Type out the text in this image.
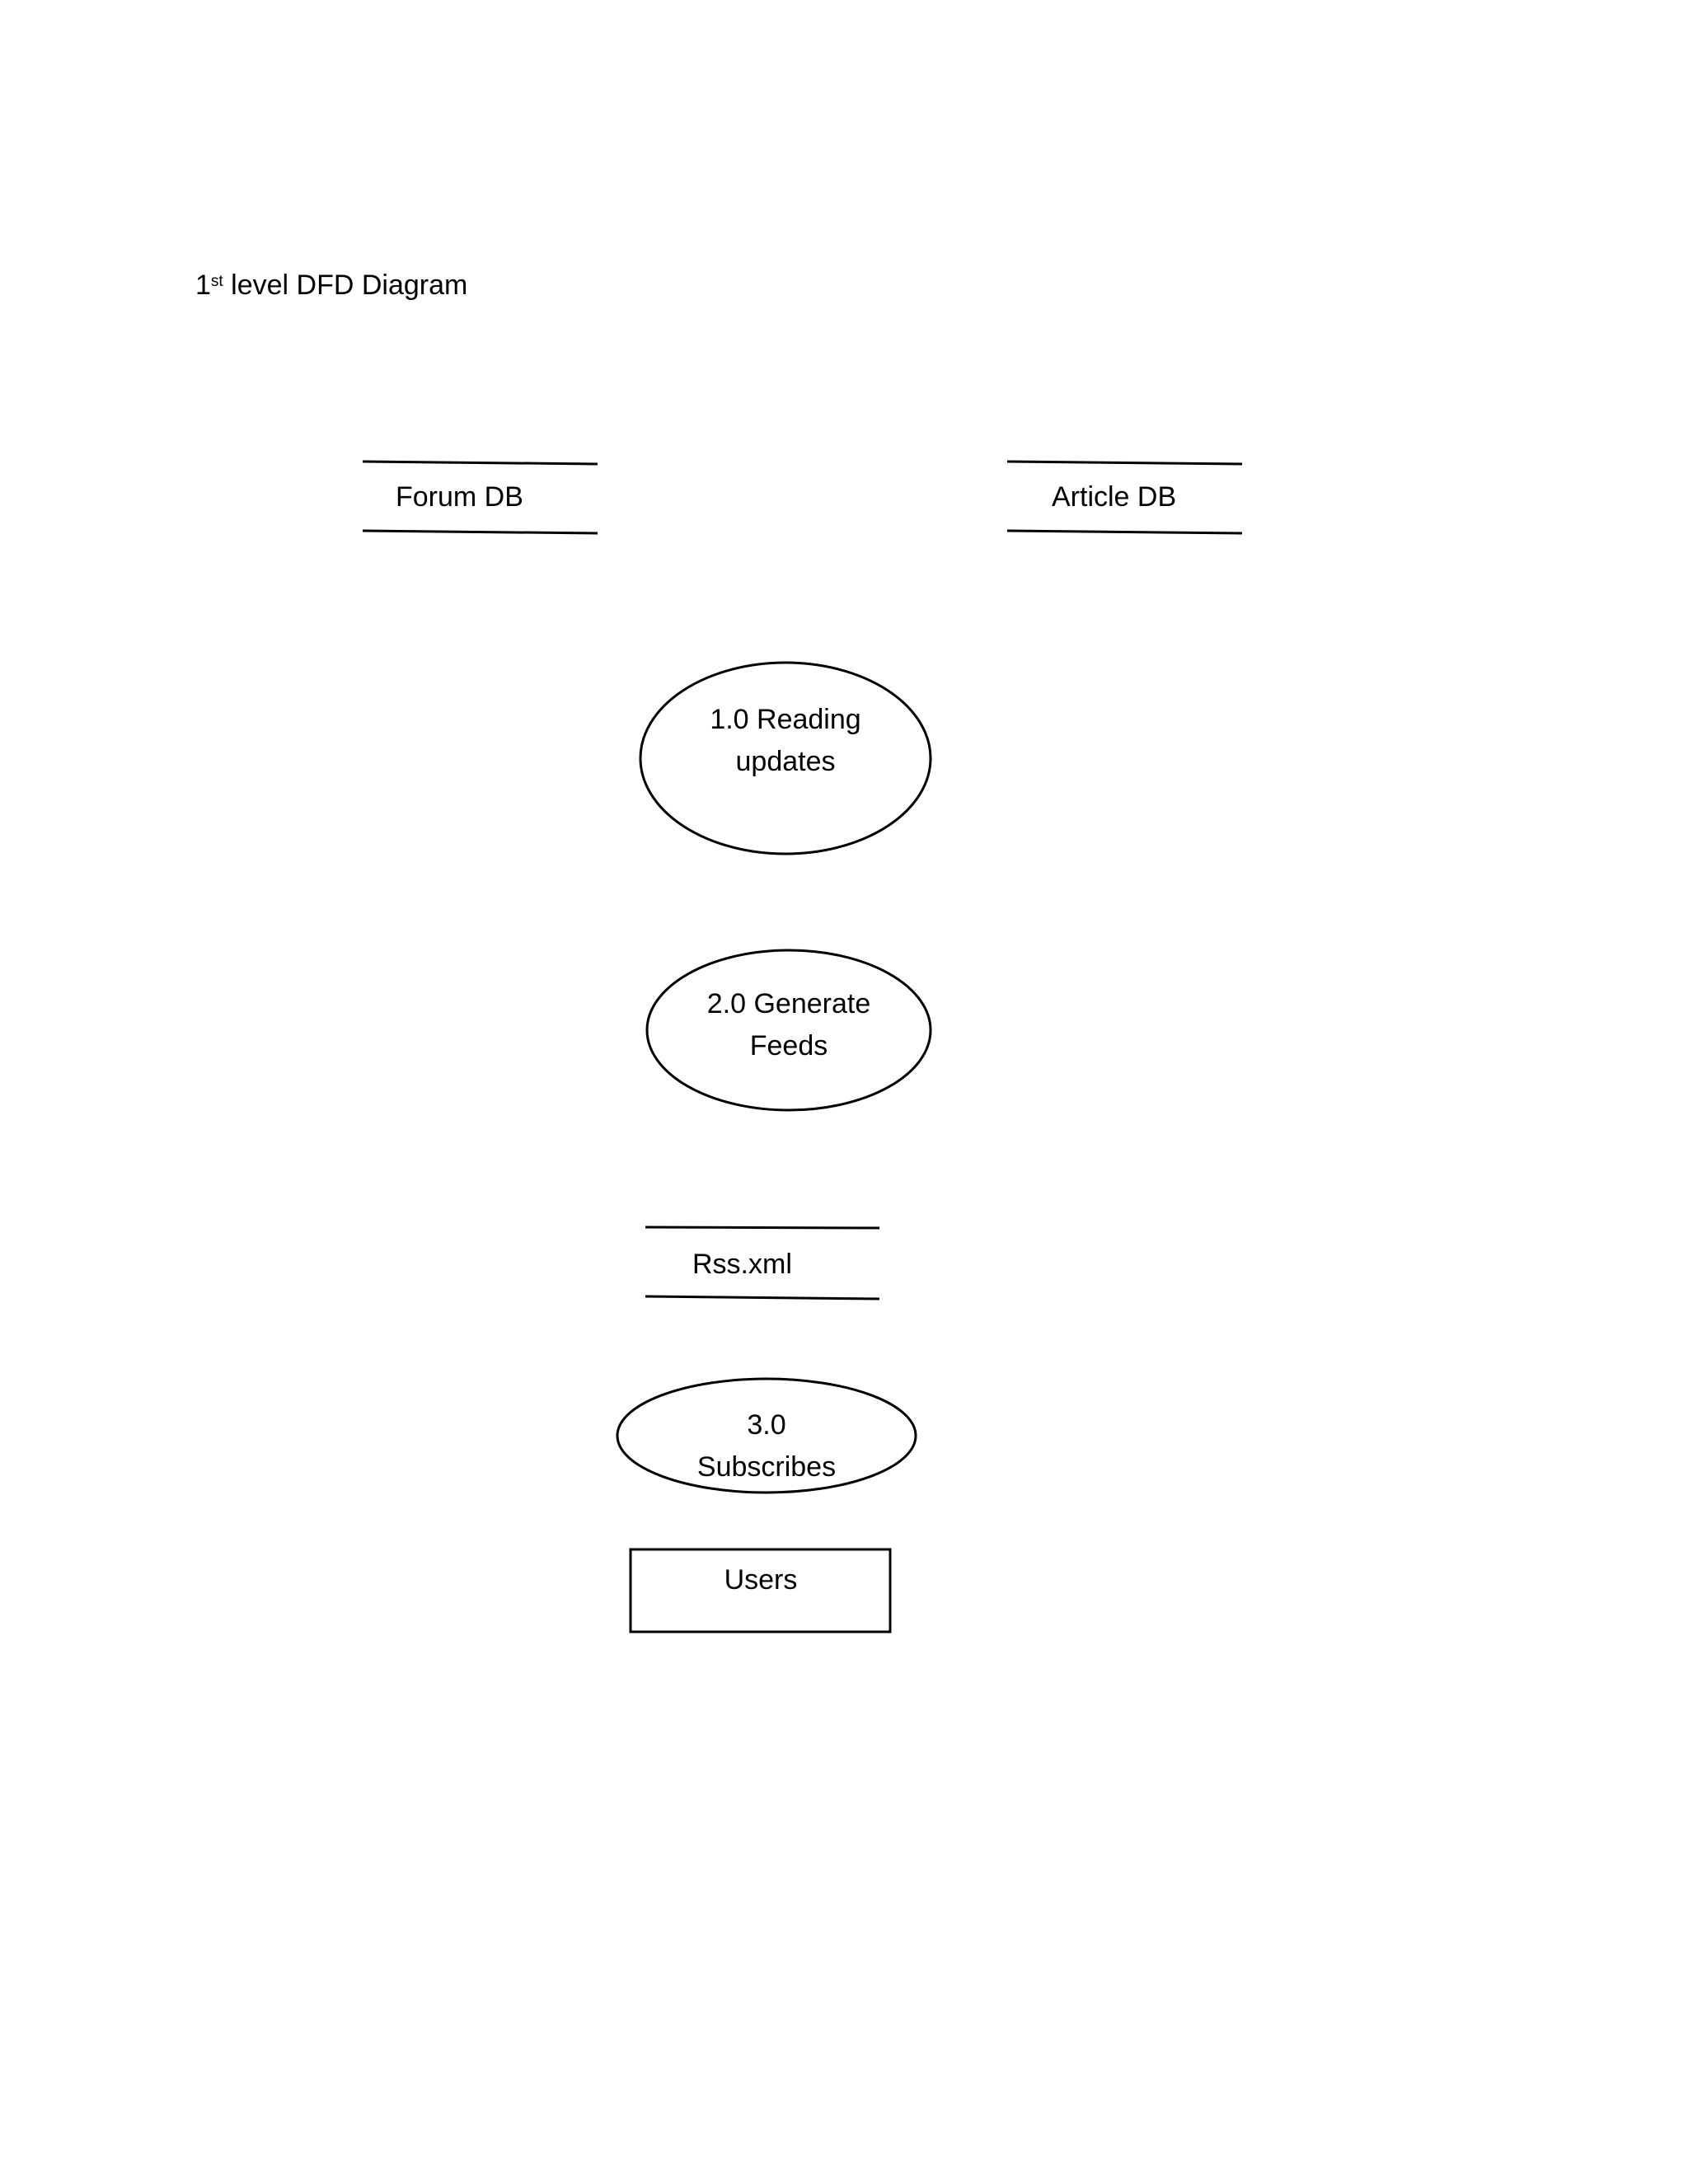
1st level DFD Diagram
Forum DB	Article DB
1.0 Reading
updates
2.0 Generate
Feeds
Rss.xml
3.0
Subscribes
Users
